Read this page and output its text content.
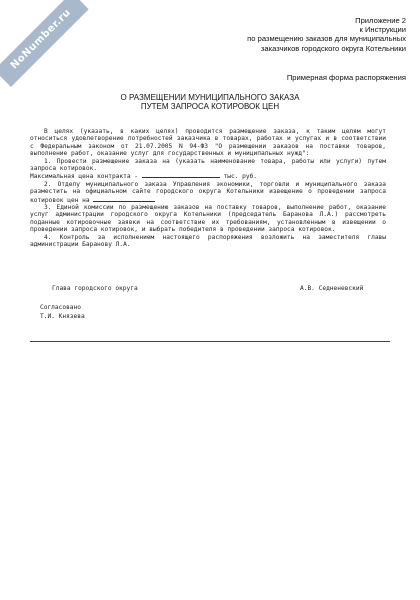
NoNumber.ru	Приложение 2
к Инструкции
по размещению заказов для муниципальных
заказчиков городского округа Котельники
Примерная форма распоряжения
О РАЗМЕЩЕНИИ МУНИЦИПАЛЬНОГО ЗАКАЗА
ПУТЕМ ЗАПРОСА КОТИРОВОК ЦЕН

В целях (указать, в каких целях) проводится размещение заказа, к таким целям могут относиться удовлетворение потребностей заказчика в товарах, работах и услугах и в соответствии с Федеральным законом от 21.07.2005 N 94-ФЗ "О размещении заказов на поставки товаров, выполнение работ, оказание услуг для государственных и муниципальных нужд":

1. Провести размещение заказа на (указать наименование товара, работы или услуги) путем запроса котировок.

Максимальная цена контракта -	тыс. руб.

2. Отделу муниципального заказа Управления экономики, торговли и муниципального заказа разместить на официальном сайте городского округа Котельники извещение о проведении запроса котировок цен на

3. Единой комиссии по размещению заказов на поставку товаров, выполнение работ, оказание услуг администрации городского округа Котельники (председатель Баранова Л.А.) рассмотреть поданные котировочные заявки на соответствие их требованиям, установленным в извещении о проведении запроса котировок, и выбрать победителя в проведении запроса котировок.

4. Контроль за исполнением настоящего распоряжения возложить на заместителя главы администрации Баранову Л.А.

Глава городского округа	А.В. Седненевский
Согласовано
Т.И. Князева
